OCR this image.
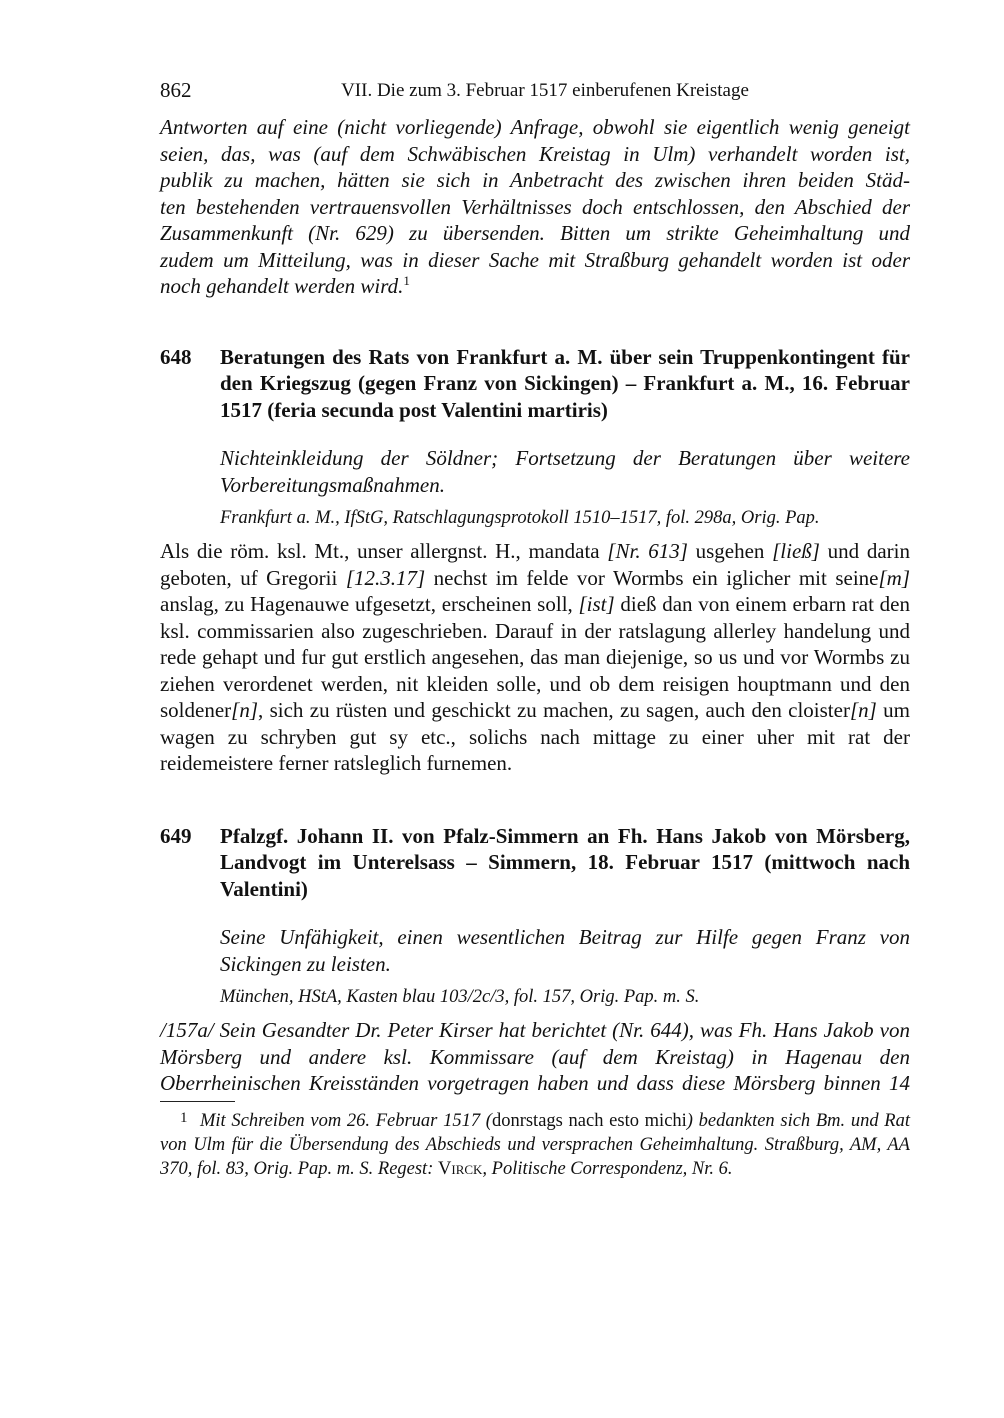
862	VII. Die zum 3. Februar 1517 einberufenen Kreistage

Antworten auf eine (nicht vorliegende) Anfrage, obwohl sie eigentlich wenig geneigt

seien, das, was (auf dem Schwäbischen Kreistag in Ulm) verhandelt worden ist,

publik zu machen, hätten sie sich in Anbetracht des zwischen ihren beiden Städ-

ten bestehenden vertrauensvollen Verhältnisses doch entschlossen, den Abschied der

Zusammenkunft (Nr. 629) zu übersenden. Bitten um strikte Geheimhaltung und

zudem um Mitteilung, was in dieser Sache mit Straßburg gehandelt worden ist oder

noch gehandelt werden wird.$^1$

648	Beratungen des Rats von Frankfurt a. M. über sein Truppenkontingent für den Kriegszug (gegen Franz von Sickingen) – Frankfurt a. M., 16. Februar 1517 (feria secunda post Valentini martiris)
Nichteinkleidung der Söldner; Fortsetzung der Beratungen über weitere Vorbereitungsmaßnahmen.
Frankfurt a. M., IfStG, Ratschlagungsprotokoll 1510–1517, fol. 298a, Orig. Pap.

Als die röm. ksl. Mt., unser allergnst. H., mandata [Nr. 613] usgehen [ließ] und darin geboten, uf Gregorii [12.3.17] nechst im felde vor Wormbs ein iglicher mit seine[m] anslag, zu Hagenauwe ufgesetzt, erscheinen soll, [ist] dieß dan von einem erbarn rat den ksl. commissarien also zugeschrieben. Darauf in der ratslagung allerley handelung und rede gehapt und fur gut erstlich angesehen, das man diejenige, so us und vor Wormbs zu ziehen verordenet werden, nit kleiden solle, und ob dem reisigen houptmann und den soldener[n], sich zu rüsten und geschickt zu machen, zu sagen, auch den cloister[n] um wagen zu schryben gut sy etc., solichs nach mittage zu einer uher mit rat der reidemeistere ferner ratsleglich furnemen.

649	Pfalzgf. Johann II. von Pfalz-Simmern an Fh. Hans Jakob von Mörsberg, Landvogt im Unterelsass – Simmern, 18. Februar 1517 (mittwoch nach Valentini)
Seine Unfähigkeit, einen wesentlichen Beitrag zur Hilfe gegen Franz von Sickingen zu leisten.
München, HStA, Kasten blau 103/2c/3, fol. 157, Orig. Pap. m. S.

/157a/ Sein Gesandter Dr. Peter Kirser hat berichtet (Nr. 644), was Fh. Hans Jakob von Mörsberg und andere ksl. Kommissare (auf dem Kreistag) in Hagenau den Oberrheinischen Kreisständen vorgetragen haben und dass diese Mörsberg binnen 14

1 Mit Schreiben vom 26. Februar 1517 (donrstags nach esto michi) bedankten sich Bm. und Rat von Ulm für die Übersendung des Abschieds und versprachen Geheimhaltung. Straßburg, AM, AA 370, fol. 83, Orig. Pap. m. S. Regest: Virck, Politische Correspondenz, Nr. 6.
